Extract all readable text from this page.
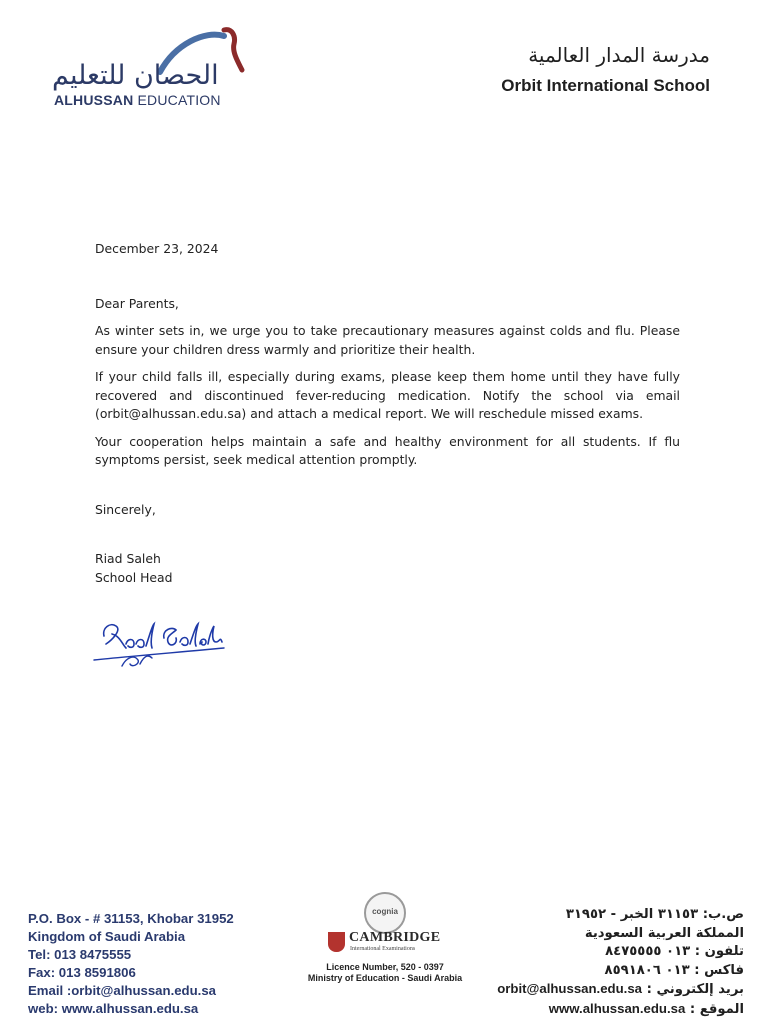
الحصان للتعليم
ALHUSSAN EDUCATION
مدرسة المدار العالمية
Orbit International School

December 23, 2024

Dear Parents,

As winter sets in, we urge you to take precautionary measures against colds and flu. Please ensure your children dress warmly and prioritize their health.

If your child falls ill, especially during exams, please keep them home until they have fully recovered and discontinued fever-reducing medication. Notify the school via email (orbit@alhussan.edu.sa) and attach a medical report. We will reschedule missed exams.

Your cooperation helps maintain a safe and healthy environment for all students. If flu symptoms persist, seek medical attention promptly.

Sincerely,

Riad Saleh

School Head

Riad Saleh
P.O. Box - # 31153, Khobar 31952
Kingdom of Saudi Arabia
Tel: 013 8475555
Fax: 013 8591806
Email :orbit@alhussan.edu.sa
web: www.alhussan.edu.sa
cognia
CAMBRIDGE
International Examinations
Licence Number, 520 - 0397
Ministry of Education - Saudi Arabia
ص.ب: ٣١١٥٣ الخبر - ٣١٩٥٢
المملكة العربية السعودية
تلفون : ٠١٣ ٨٤٧٥٥٥٥
فاكس : ٠١٣ ٨٥٩١٨٠٦
بريد إلكتروني : orbit@alhussan.edu.sa
الموقع : www.alhussan.edu.sa
